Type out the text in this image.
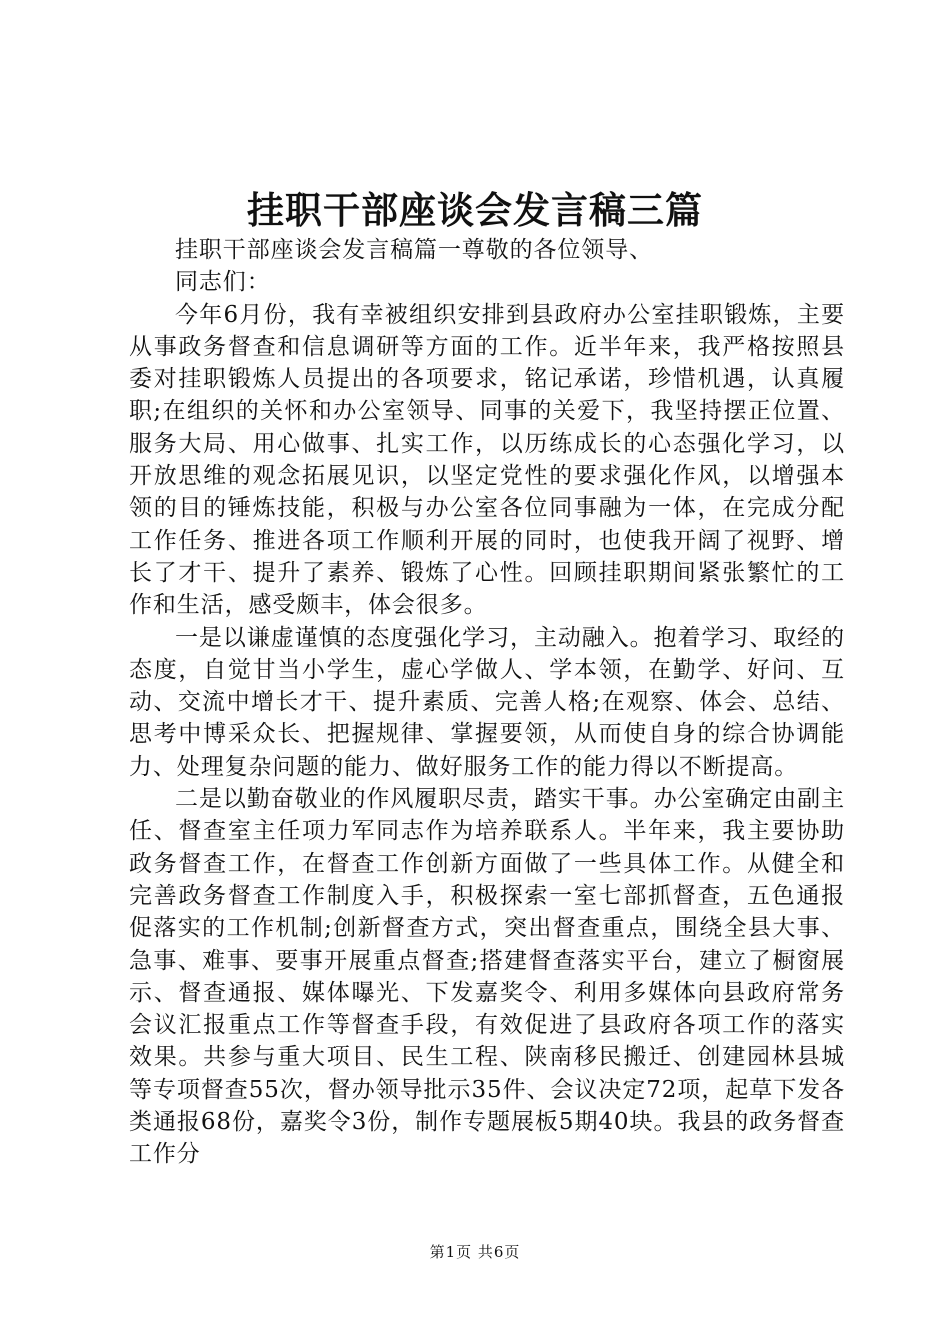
挂职干部座谈会发言稿三篇

挂职干部座谈会发言稿篇一尊敬的各位领导、

同志们：

今年6月份，我有幸被组织安排到县政府办公室挂职锻炼，主要从事政务督查和信息调研等方面的工作。近半年来，我严格按照县委对挂职锻炼人员提出的各项要求，铭记承诺，珍惜机遇，认真履职;在组织的关怀和办公室领导、同事的关爱下，我坚持摆正位置、服务大局、用心做事、扎实工作，以历练成长的心态强化学习，以开放思维的观念拓展见识，以坚定党性的要求强化作风，以增强本领的目的锤炼技能，积极与办公室各位同事融为一体，在完成分配工作任务、推进各项工作顺利开展的同时，也使我开阔了视野、增长了才干、提升了素养、锻炼了心性。回顾挂职期间紧张繁忙的工作和生活，感受颇丰，体会很多。

一是以谦虚谨慎的态度强化学习，主动融入。抱着学习、取经的态度，自觉甘当小学生，虚心学做人、学本领，在勤学、好问、互动、交流中增长才干、提升素质、完善人格;在观察、体会、总结、思考中博采众长、把握规律、掌握要领，从而使自身的综合协调能力、处理复杂问题的能力、做好服务工作的能力得以不断提高。

二是以勤奋敬业的作风履职尽责，踏实干事。办公室确定由副主任、督查室主任项力军同志作为培养联系人。半年来，我主要协助政务督查工作，在督查工作创新方面做了一些具体工作。从健全和完善政务督查工作制度入手，积极探索一室七部抓督查，五色通报促落实的工作机制;创新督查方式，突出督查重点，围绕全县大事、急事、难事、要事开展重点督查;搭建督查落实平台，建立了橱窗展示、督查通报、媒体曝光、下发嘉奖令、利用多媒体向县政府常务会议汇报重点工作等督查手段，有效促进了县政府各项工作的落实效果。共参与重大项目、民生工程、陕南移民搬迁、创建园林县城等专项督查55次，督办领导批示35件、会议决定72项，起草下发各类通报68份，嘉奖令3份，制作专题展板5期40块。我县的政务督查工作分

第1页 共6页
